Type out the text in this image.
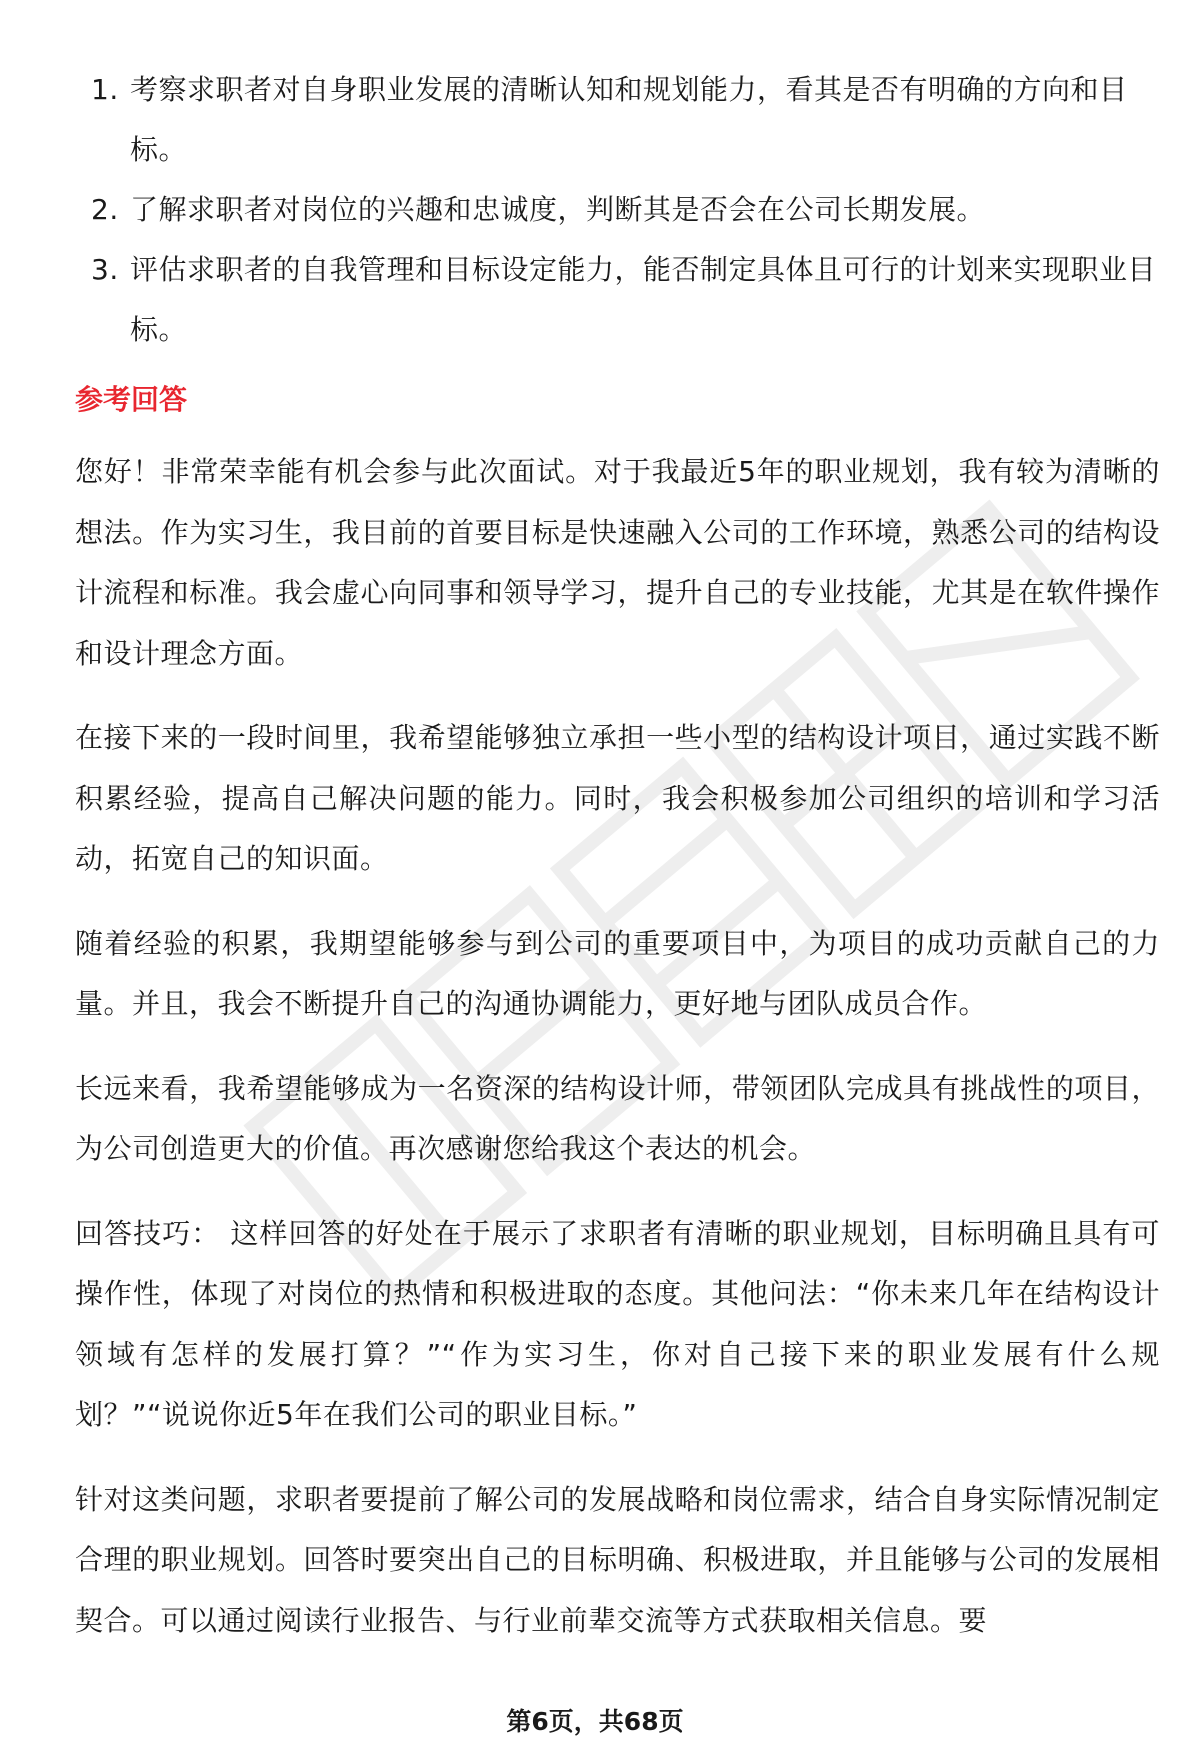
1. 考察求职者对自身职业发展的清晰认知和规划能力，看其是否有明确的方向和目标。
2. 了解求职者对岗位的兴趣和忠诚度，判断其是否会在公司长期发展。
3. 评估求职者的自我管理和目标设定能力，能否制定具体且可行的计划来实现职业目标。
参考回答

您好！非常荣幸能有机会参与此次面试。对于我最近5年的职业规划，我有较为清晰的想法。作为实习生，我目前的首要目标是快速融入公司的工作环境，熟悉公司的结构设计流程和标准。我会虚心向同事和领导学习，提升自己的专业技能，尤其是在软件操作和设计理念方面。

在接下来的一段时间里，我希望能够独立承担一些小型的结构设计项目，通过实践不断积累经验，提高自己解决问题的能力。同时，我会积极参加公司组织的培训和学习活动，拓宽自己的知识面。

随着经验的积累，我期望能够参与到公司的重要项目中，为项目的成功贡献自己的力量。并且，我会不断提升自己的沟通协调能力，更好地与团队成员合作。

长远来看，我希望能够成为一名资深的结构设计师，带领团队完成具有挑战性的项目，为公司创造更大的价值。再次感谢您给我这个表达的机会。

回答技巧： 这样回答的好处在于展示了求职者有清晰的职业规划，目标明确且具有可操作性，体现了对岗位的热情和积极进取的态度。其他问法：“你未来几年在结构设计领域有怎样的发展打算？”“作为实习生，你对自己接下来的职业发展有什么规划？”“说说你近5年在我们公司的职业目标。”

针对这类问题，求职者要提前了解公司的发展战略和岗位需求，结合自身实际情况制定合理的职业规划。回答时要突出自己的目标明确、积极进取，并且能够与公司的发展相契合。可以通过阅读行业报告、与行业前辈交流等方式获取相关信息。要

第6页，共68页
